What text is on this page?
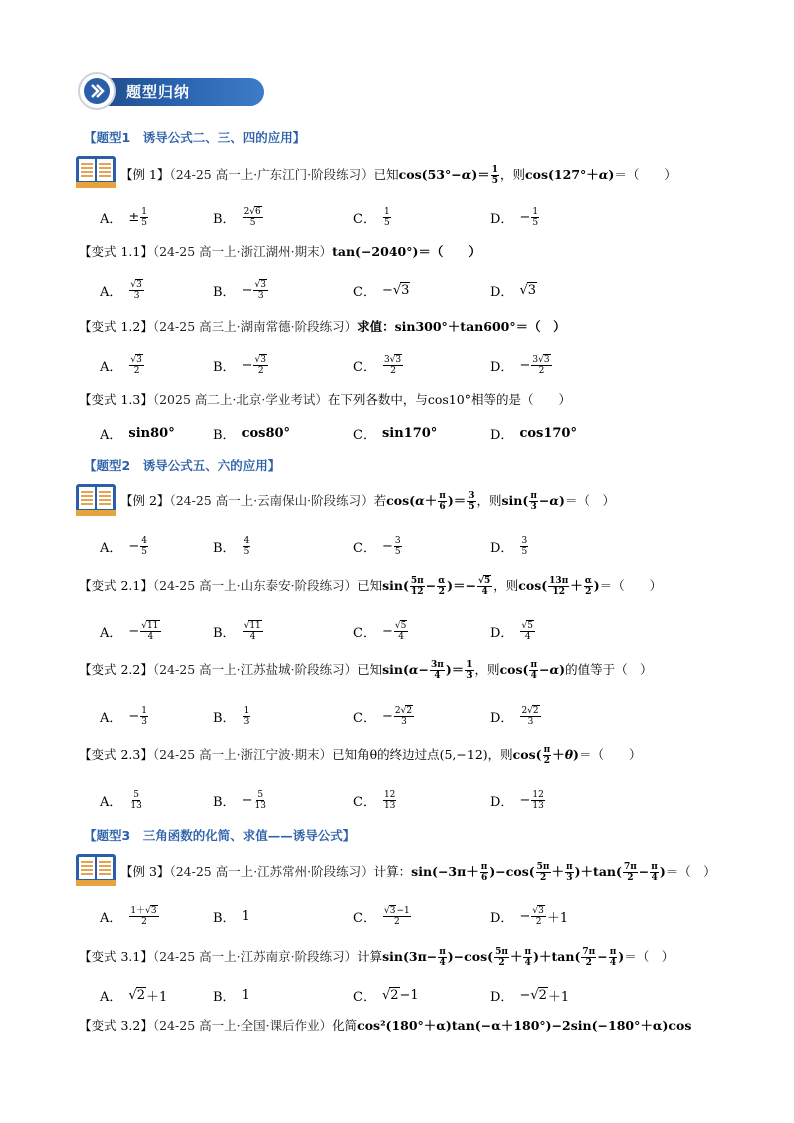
题型归纳
【题型1　诱导公式二、三、四的应用】
【例 1】（24-25 高一上·广东江门·阶段练习）已知$\cos(53^\circ-\alpha)= \frac{1}{5}$ ，则cos(127°＋α)＝（　　）
A． ± 1
5	B． 2√6
5	C． 1
5	D． − 1
5
【变式 1.1】（24-25 高一上·浙江湖州·期末）tan(−2040°)＝（　　）
A． √3
3	B． − √3
3	C． −√ 3	D． √ 3
【变式 1.2】（24-25 高三上·湖南常德·阶段练习）求值：sin300°＋tan600°＝（　）
A． √3
2	B． − √3
2	C． 3√3
2	D． − 3√3
2
【变式 1.3】（2025 高二上·北京·学业考试）在下列各数中，与cos10°相等的是（　　）
A． sin80°	B． cos80°	C． sin170°	D． cos170°
【题型2　诱导公式五、六的应用】
【例 2】（24-25 高一上·云南保山·阶段练习）若$\cos(\alpha+ \frac{\pi}{6}$ )＝ $\frac{3}{5}$ ，则$\sin( \frac{\pi}{3} -\alpha)=$（　）
A． − 4
5	B． 4
5	C． − 3
5	D． 3
5
【变式 2.1】（24-25 高一上·山东泰安·阶段练习）已知$\sin( \frac{5\pi}{12} - \frac{\alpha}{2}$ )＝− $\frac{√5}{4}$ ，则$\cos( \frac{13\pi}{12} + \frac{\alpha}{2}$ )＝（　　）
A． − √11
4	B． √11
4	C． − √5
4	D． √5
4
【变式 2.2】（24-25 高一上·江苏盐城·阶段练习）已知$\sin(\alpha- \frac{3\pi}{4}$ )＝ $\frac{1}{3}$ ，则$\cos( \frac{\pi}{4} -\alpha)$的值等于（　）
A． − 1
3	B． 1
3	C． − 2√2
3	D． 2√2
3
【变式 2.3】（24-25 高一上·浙江宁波·期末）已知角θ的终边过点(5,−12)，则$\cos( \frac{\pi}{2} +\theta)=$（　　）
A． 5
13	B． − 5
13	C． 12
13	D． − 12
13
【题型3　三角函数的化简、求值——诱导公式】
【例 3】（24-25 高一上·江苏常州·阶段练习）计算：$\sin(-3\pi+ \frac{\pi}{6} )-\cos( \frac{5\pi}{2} + \frac{\pi}{3} )+\tan( \frac{7\pi}{2} - \frac{\pi}{4}$ )＝（　）
A． 1＋√3
2	B． 1	C． √3−1
2	D． − √3
2 ＋1
【变式 3.1】（24-25 高一上·江苏南京·阶段练习）计算$\sin(3\pi- \frac{\pi}{4} )-\cos( \frac{5\pi}{2} + \frac{\pi}{4} )+\tan( \frac{7\pi}{2} - \frac{\pi}{4}$ )＝（　）
A． √ 2 ＋1	B． 1	C． √ 2 −1	D． −√ 2 ＋1
【变式 3.2】（24-25 高一上·全国·课后作业）化简cos²(180°＋α)tan(−α＋180°)−2sin(−180°＋α)cos
